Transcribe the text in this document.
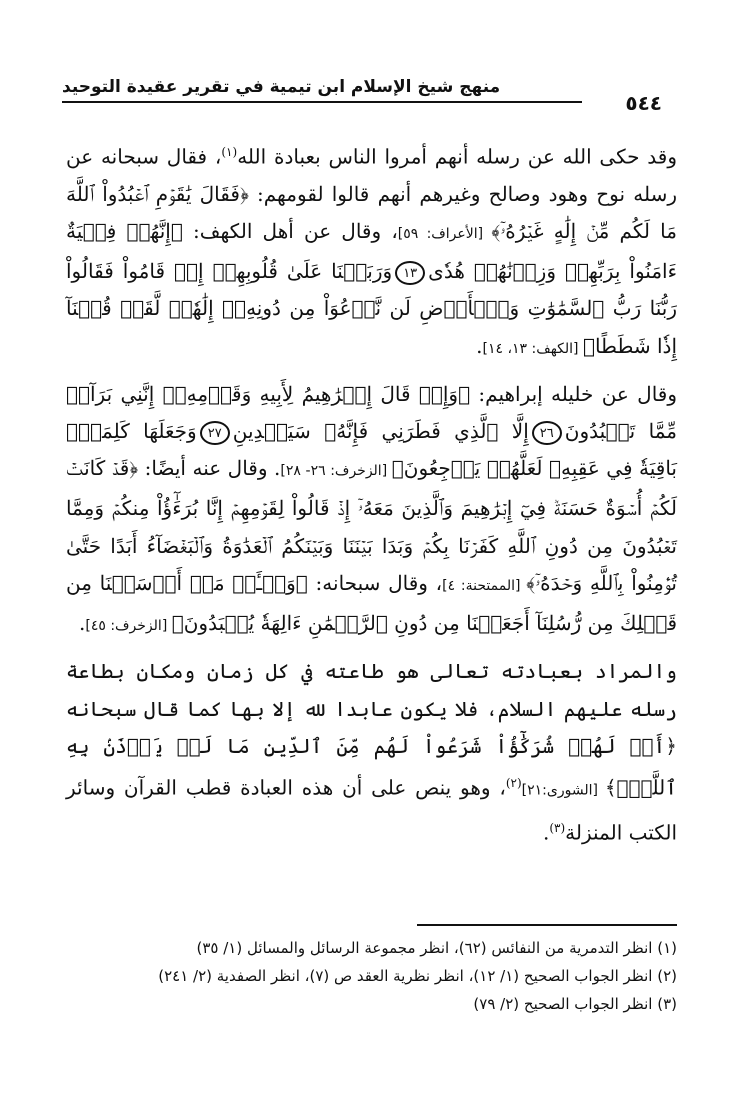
منهج شيخ الإسلام ابن تيمية في تقرير عقيدة التوحيد
٥٤٤

وقد حكى الله عن رسله أنهم أمروا الناس بعبادة الله$^{(١)}$، فقال سبحانه عن رسله نوح وهود وصالح وغيرهم أنهم قالوا لقومهم: ﴿فَقَالَ يَٰقَوۡمِ ٱعۡبُدُواْ ٱللَّهَ مَا لَكُم مِّنۡ إِلَٰهٍ غَيۡرُهُۥٓ﴾ [الأعراف: ٥٩]، وقال عن أهل الكهف: ﴿إِنَّهُمۡ فِتۡيَةٌ ءَامَنُواْ بِرَبِّهِمۡ وَزِدۡنَٰهُمۡ هُدٗى١٣وَرَبَطۡنَا عَلَىٰ قُلُوبِهِمۡ إِذۡ قَامُواْ فَقَالُواْ رَبُّنَا رَبُّ ٱلسَّمَٰوَٰتِ وَٱلۡأَرۡضِ لَن نَّدۡعُوَاْ مِن دُونِهِۦٓ إِلَٰهٗاۖ لَّقَدۡ قُلۡنَآ إِذٗا شَطَطًا﴾ [الكهف: ١٣، ١٤].

وقال عن خليله إبراهيم: ﴿وَإِذۡ قَالَ إِبۡرَٰهِيمُ لِأَبِيهِ وَقَوۡمِهِۦٓ إِنَّنِي بَرَآءٞ مِّمَّا تَعۡبُدُونَ٢٦إِلَّا ٱلَّذِي فَطَرَنِي فَإِنَّهُۥ سَيَهۡدِينِ٢٧وَجَعَلَهَا كَلِمَةَۢ بَاقِيَةٗ فِي عَقِبِهِۦ لَعَلَّهُمۡ يَرۡجِعُونَ﴾ [الزخرف: ٢٦- ٢٨]. وقال عنه أيضًا: ﴿قَدۡ كَانَتۡ لَكُمۡ أُسۡوَةٌ حَسَنَةٞ فِيٓ إِبۡرَٰهِيمَ وَٱلَّذِينَ مَعَهُۥٓ إِذۡ قَالُواْ لِقَوۡمِهِمۡ إِنَّا بُرَءَٰٓؤُاْ مِنكُمۡ وَمِمَّا تَعۡبُدُونَ مِن دُونِ ٱللَّهِ كَفَرۡنَا بِكُمۡ وَبَدَا بَيۡنَنَا وَبَيۡنَكُمُ ٱلۡعَدَٰوَةُ وَٱلۡبَغۡضَآءُ أَبَدًا حَتَّىٰ تُؤۡمِنُواْ بِٱللَّهِ وَحۡدَهُۥٓ﴾ [الممتحنة: ٤]، وقال سبحانه: ﴿وَسۡـَٔلۡ مَنۡ أَرۡسَلۡنَا مِن قَبۡلِكَ مِن رُّسُلِنَآ أَجَعَلۡنَا مِن دُونِ ٱلرَّحۡمَٰنِ ءَالِهَةٗ يُعۡبَدُونَ﴾ [الزخرف: ٤٥].

والمراد بعبادته تعالى هو طاعته في كل زمان ومكان بطاعة رسله عليهم السلام، فلا يكون عابدا لله إلا بها كما قال سبحانه ﴿أَمۡ لَهُمۡ شُرَكَٰٓؤُاْ شَرَعُواْ لَهُم مِّنَ ٱلدِّينِ مَا لَمۡ يَأۡذَنۢ بِهِ ٱللَّهُۚ﴾ [الشورى:٢١]$^{(٢)}$، وهو ينص على أن هذه العبادة قطب القرآن وسائر الكتب المنزلة$^{(٣)}$.

(١) انظر التدمرية من النفائس (٦٢)، انظر مجموعة الرسائل والمسائل (١/ ٣٥)
(٢) انظر الجواب الصحيح (١/ ١٢)، انظر نظرية العقد ص (٧)، انظر الصفدية (٢/ ٢٤١)
(٣) انظر الجواب الصحيح (٢/ ٧٩)
